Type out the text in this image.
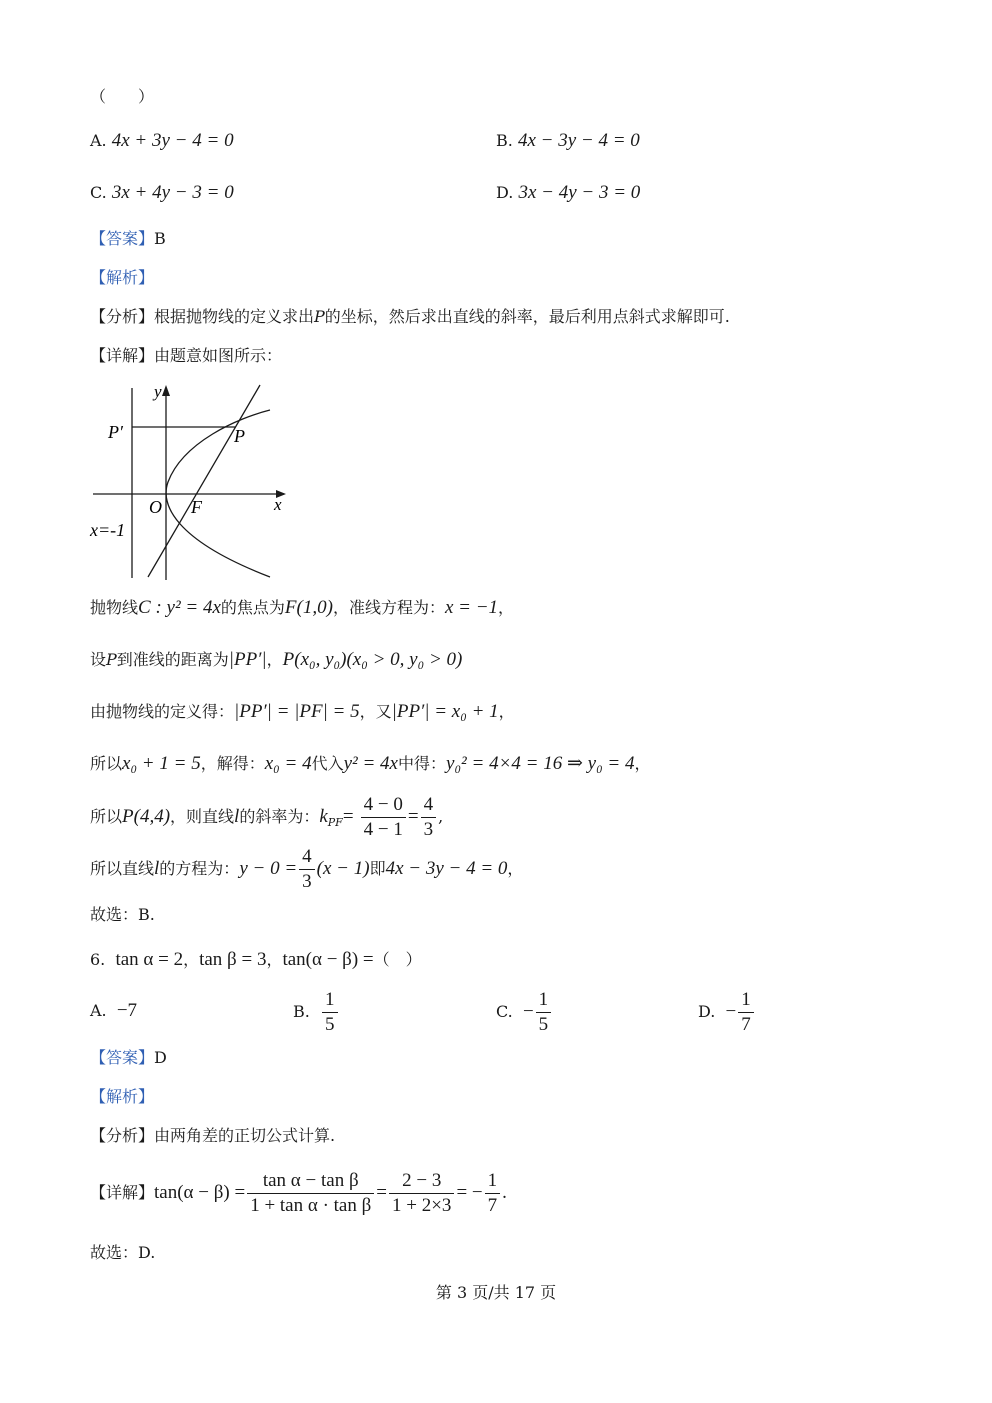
（　　）
A. 4x + 3y − 4 = 0	B. 4x − 3y − 4 = 0
C. 3x + 4y − 3 = 0	D. 3x − 4y − 3 = 0
【答案】B
【解析】
【分析】根据抛物线的定义求出P的坐标，然后求出直线的斜率，最后利用点斜式求解即可.
【详解】由题意如图所示：
y
x
P′	P
O F
x=-1
抛物线C : y² = 4x的焦点为F(1,0)，准线方程为：x = −1，
设P到准线的距离为|PP′|，P(x₀, y₀)(x₀ > 0, y₀ > 0)
由抛物线的定义得：|PP′| = |PF| = 5，又|PP′| = x₀ + 1，
所以x₀ + 1 = 5，解得：x₀ = 4代入y² = 4x中得：y₀² = 4×4 = 16 ⇒ y₀ = 4，
所以P(4,4)，则直线l的斜率为：$k_{PF}= \frac{4 - 0}{4 - 1} = \frac{4}{3}$ ,
所以直线l的方程为：$y - 0 = \frac{4}{3} (x - 1)$即4x − 3y − 4 = 0，
故选：B.
6. tan α = 2，tan β = 3，tan(α − β) =（　）
A. −7	B. $\frac{1}{5}$	C. − $\frac{1}{5}$	D. − $\frac{1}{7}$
【答案】D
【解析】
【分析】由两角差的正切公式计算.
【详解】$\tan(\alpha - \beta) = \frac{\text{tan α − tan β}}{\text{1 + tan α · tan β}} = \frac{2 - 3}{1 + 2\times 3}$ = − $\frac{1}{7}$ .
故选：D.
第 3 页/共 17 页
